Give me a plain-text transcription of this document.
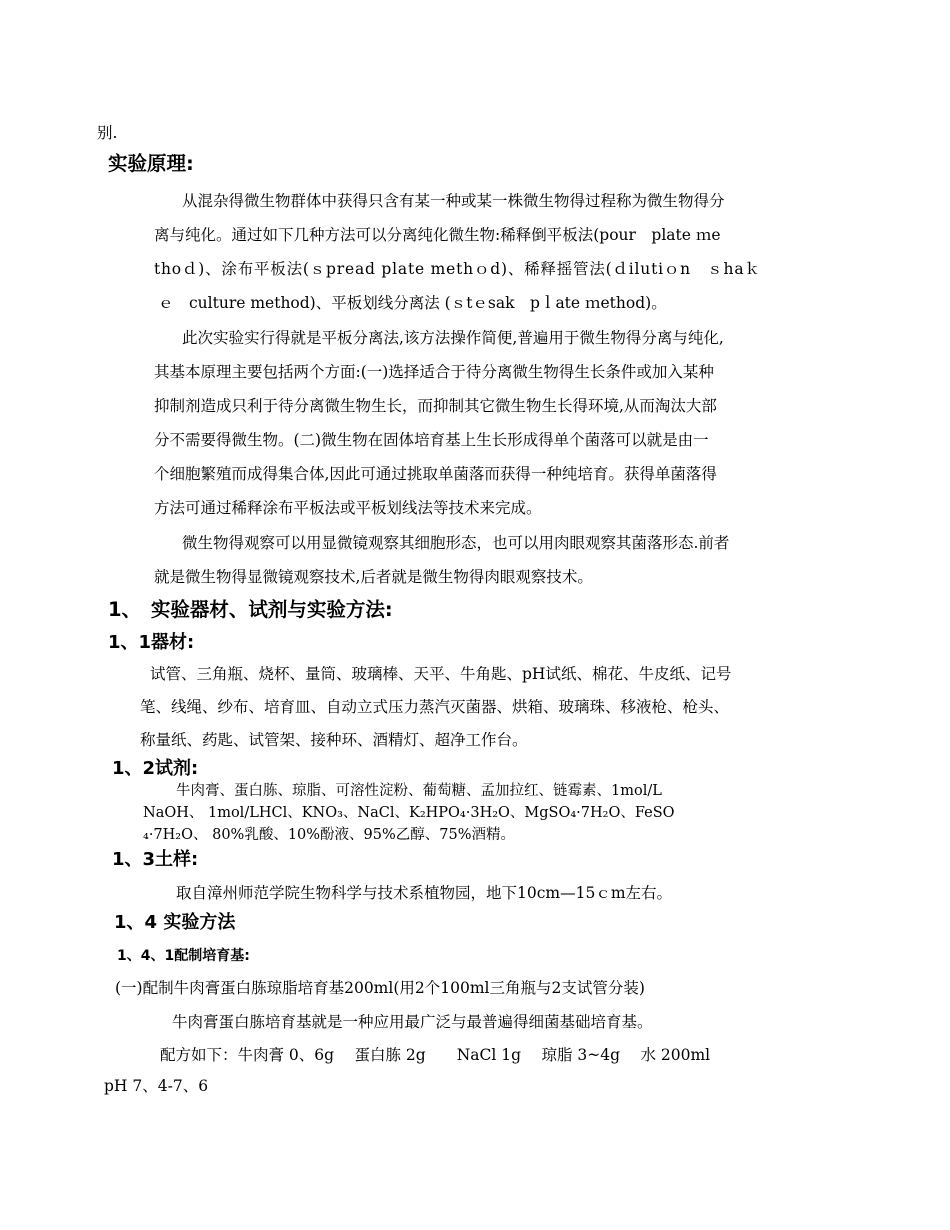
别.
实验原理:
从混杂得微生物群体中获得只含有某一种或某一株微生物得过程称为微生物得分
离与纯化。通过如下几种方法可以分离纯化微生物:稀释倒平板法(pour　plate ｍe
thoｄ)、涂布平板法(ｓpread plate methｏd)、稀释摇管法(ｄilutiｏn　ｓhaｋ
ｅ　culture method)、平板划线分离法 (ｓtｅsak　pｌate ｍethod)。
此次实验实行得就是平板分离法,该方法操作简便,普遍用于微生物得分离与纯化,
其基本原理主要包括两个方面:(一)选择适合于待分离微生物得生长条件或加入某种
抑制剂造成只利于待分离微生物生长，而抑制其它微生物生长得环境,从而淘汰大部
分不需要得微生物。(二)微生物在固体培育基上生长形成得单个菌落可以就是由一
个细胞繁殖而成得集合体,因此可通过挑取单菌落而获得一种纯培育。获得单菌落得
方法可通过稀释涂布平板法或平板划线法等技术来完成。
微生物得观察可以用显微镜观察其细胞形态，也可以用肉眼观察其菌落形态.前者
就是微生物得显微镜观察技术,后者就是微生物得肉眼观察技术。
1、　实验器材、试剂与实验方法:
1、1器材:
试管、三角瓶、烧杯、量筒、玻璃棒、天平、牛角匙、pH试纸、棉花、牛皮纸、记号
笔、线绳、纱布、培育皿、自动立式压力蒸汽灭菌器、烘箱、玻璃珠、移液枪、枪头、
称量纸、药匙、试管架、接种环、酒精灯、超净工作台。
1、2试剂:
牛肉膏、蛋白胨、琼脂、可溶性淀粉、葡萄糖、孟加拉红、链霉素、1mol/L
NaOH、 1mol/LHCl、KNO₃、NaCl、K₂HPO₄·3H₂O、MgSO₄·7H₂O、FeSO
₄·7H₂O、 80%乳酸、10%酚液、95%乙醇、75%酒精。
1、3土样:
取自漳州师范学院生物科学与技术系植物园，地下10cm—15ｃm左右。
1、4 实验方法
1、4、1配制培育基:
(一)配制牛肉膏蛋白胨琼脂培育基200ml(用2个100ml三角瓶与2支试管分装)
牛肉膏蛋白胨培育基就是一种应用最广泛与最普遍得细菌基础培育基。
配方如下：牛肉膏 0、6g　 蛋白胨 2g　　NaCl 1g　 琼脂 3~4g　 水 200ml
pH 7、4-7、6
